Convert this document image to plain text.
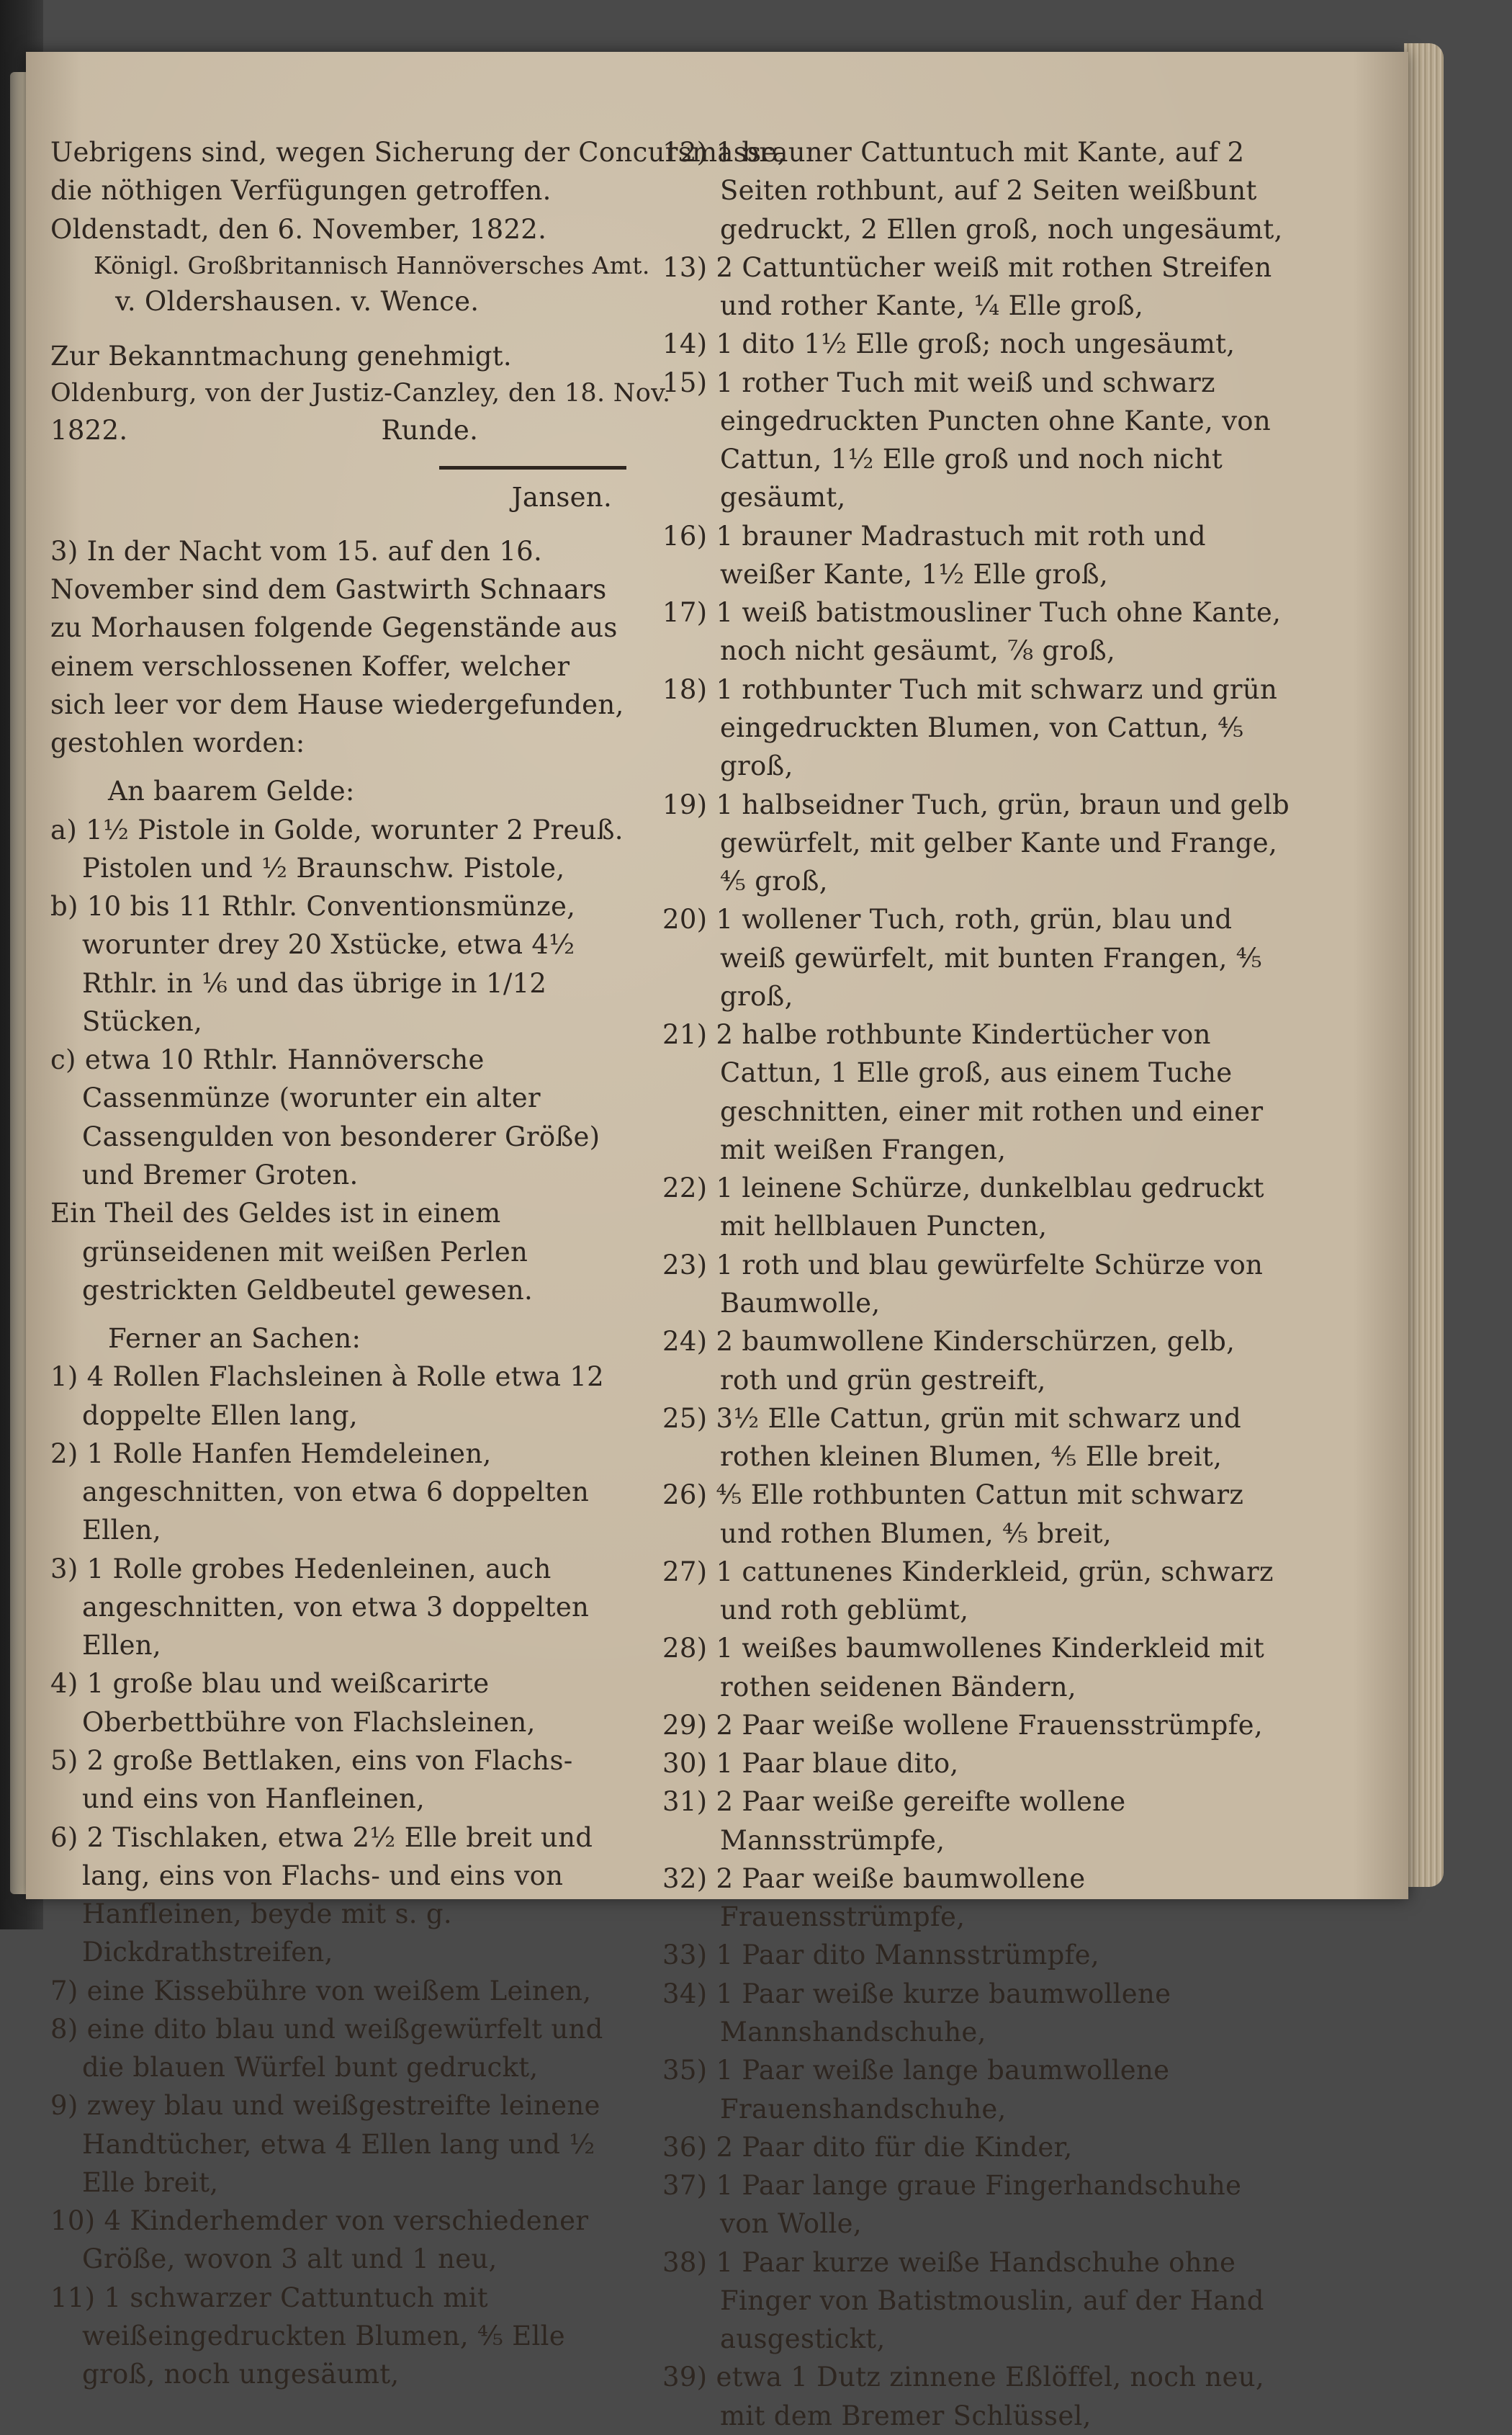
Uebrigens sind, wegen Sicherung der Concursmasse,
die nöthigen Verfügungen getroffen.
Oldenstadt, den 6. November, 1822.
Königl. Großbritannisch Hannöversches Amt.
v. Oldershausen. v. Wence.
Zur Bekanntmachung genehmigt.
Oldenburg, von der Justiz-Canzley, den 18. Nov.
1822.	Runde.
Jansen.
3) In der Nacht vom 15. auf den 16. November sind dem Gastwirth Schnaars zu Morhausen folgende Gegenstände aus einem verschlossenen Koffer, welcher sich leer vor dem Hause wiedergefunden, gestohlen worden:
An baarem Gelde:
a) 1½ Pistole in Golde, worunter 2 Preuß. Pistolen und ½ Braunschw. Pistole,
b) 10 bis 11 Rthlr. Conventionsmünze, worunter drey 20 Xstücke, etwa 4½ Rthlr. in ⅙ und das übrige in 1/12 Stücken,
c) etwa 10 Rthlr. Hannöversche Cassenmünze (worunter ein alter Cassengulden von besonderer Größe) und Bremer Groten.
Ein Theil des Geldes ist in einem grünseidenen mit weißen Perlen gestrickten Geldbeutel gewesen.
Ferner an Sachen:
1) 4 Rollen Flachsleinen à Rolle etwa 12 doppelte Ellen lang,
2) 1 Rolle Hanfen Hemdeleinen, angeschnitten, von etwa 6 doppelten Ellen,
3) 1 Rolle grobes Hedenleinen, auch angeschnitten, von etwa 3 doppelten Ellen,
4) 1 große blau und weißcarirte Oberbettbühre von Flachsleinen,
5) 2 große Bettlaken, eins von Flachs- und eins von Hanfleinen,
6) 2 Tischlaken, etwa 2½ Elle breit und lang, eins von Flachs- und eins von Hanfleinen, beyde mit s. g. Dickdrathstreifen,
7) eine Kissebühre von weißem Leinen,
8) eine dito blau und weißgewürfelt und die blauen Würfel bunt gedruckt,
9) zwey blau und weißgestreifte leinene Handtücher, etwa 4 Ellen lang und ½ Elle breit,
10) 4 Kinderhemder von verschiedener Größe, wovon 3 alt und 1 neu,
11) 1 schwarzer Cattuntuch mit weißeingedruckten Blumen, ⅘ Elle groß, noch ungesäumt,
12) 1 brauner Cattuntuch mit Kante, auf 2 Seiten rothbunt, auf 2 Seiten weißbunt gedruckt, 2 Ellen groß, noch ungesäumt,
13) 2 Cattuntücher weiß mit rothen Streifen und rother Kante, ¼ Elle groß,
14) 1 dito 1½ Elle groß; noch ungesäumt,
15) 1 rother Tuch mit weiß und schwarz eingedruckten Puncten ohne Kante, von Cattun, 1½ Elle groß und noch nicht gesäumt,
16) 1 brauner Madrastuch mit roth und weißer Kante, 1½ Elle groß,
17) 1 weiß batistmousliner Tuch ohne Kante, noch nicht gesäumt, ⅞ groß,
18) 1 rothbunter Tuch mit schwarz und grün eingedruckten Blumen, von Cattun, ⅘ groß,
19) 1 halbseidner Tuch, grün, braun und gelb gewürfelt, mit gelber Kante und Frange, ⅘ groß,
20) 1 wollener Tuch, roth, grün, blau und weiß gewürfelt, mit bunten Frangen, ⅘ groß,
21) 2 halbe rothbunte Kindertücher von Cattun, 1 Elle groß, aus einem Tuche geschnitten, einer mit rothen und einer mit weißen Frangen,
22) 1 leinene Schürze, dunkelblau gedruckt mit hellblauen Puncten,
23) 1 roth und blau gewürfelte Schürze von Baumwolle,
24) 2 baumwollene Kinderschürzen, gelb, roth und grün gestreift,
25) 3½ Elle Cattun, grün mit schwarz und rothen kleinen Blumen, ⅘ Elle breit,
26) ⅘ Elle rothbunten Cattun mit schwarz und rothen Blumen, ⅘ breit,
27) 1 cattunenes Kinderkleid, grün, schwarz und roth geblümt,
28) 1 weißes baumwollenes Kinderkleid mit rothen seidenen Bändern,
29) 2 Paar weiße wollene Frauensstrümpfe,
30) 1 Paar blaue dito,
31) 2 Paar weiße gereifte wollene Mannsstrümpfe,
32) 2 Paar weiße baumwollene Frauensstrümpfe,
33) 1 Paar dito Mannsstrümpfe,
34) 1 Paar weiße kurze baumwollene Mannshandschuhe,
35) 1 Paar weiße lange baumwollene Frauenshandschuhe,
36) 2 Paar dito für die Kinder,
37) 1 Paar lange graue Fingerhandschuhe von Wolle,
38) 1 Paar kurze weiße Handschuhe ohne Finger von Batistmouslin, auf der Hand ausgestickt,
39) etwa 1 Dutz zinnene Eßlöffel, noch neu, mit dem Bremer Schlüssel,
